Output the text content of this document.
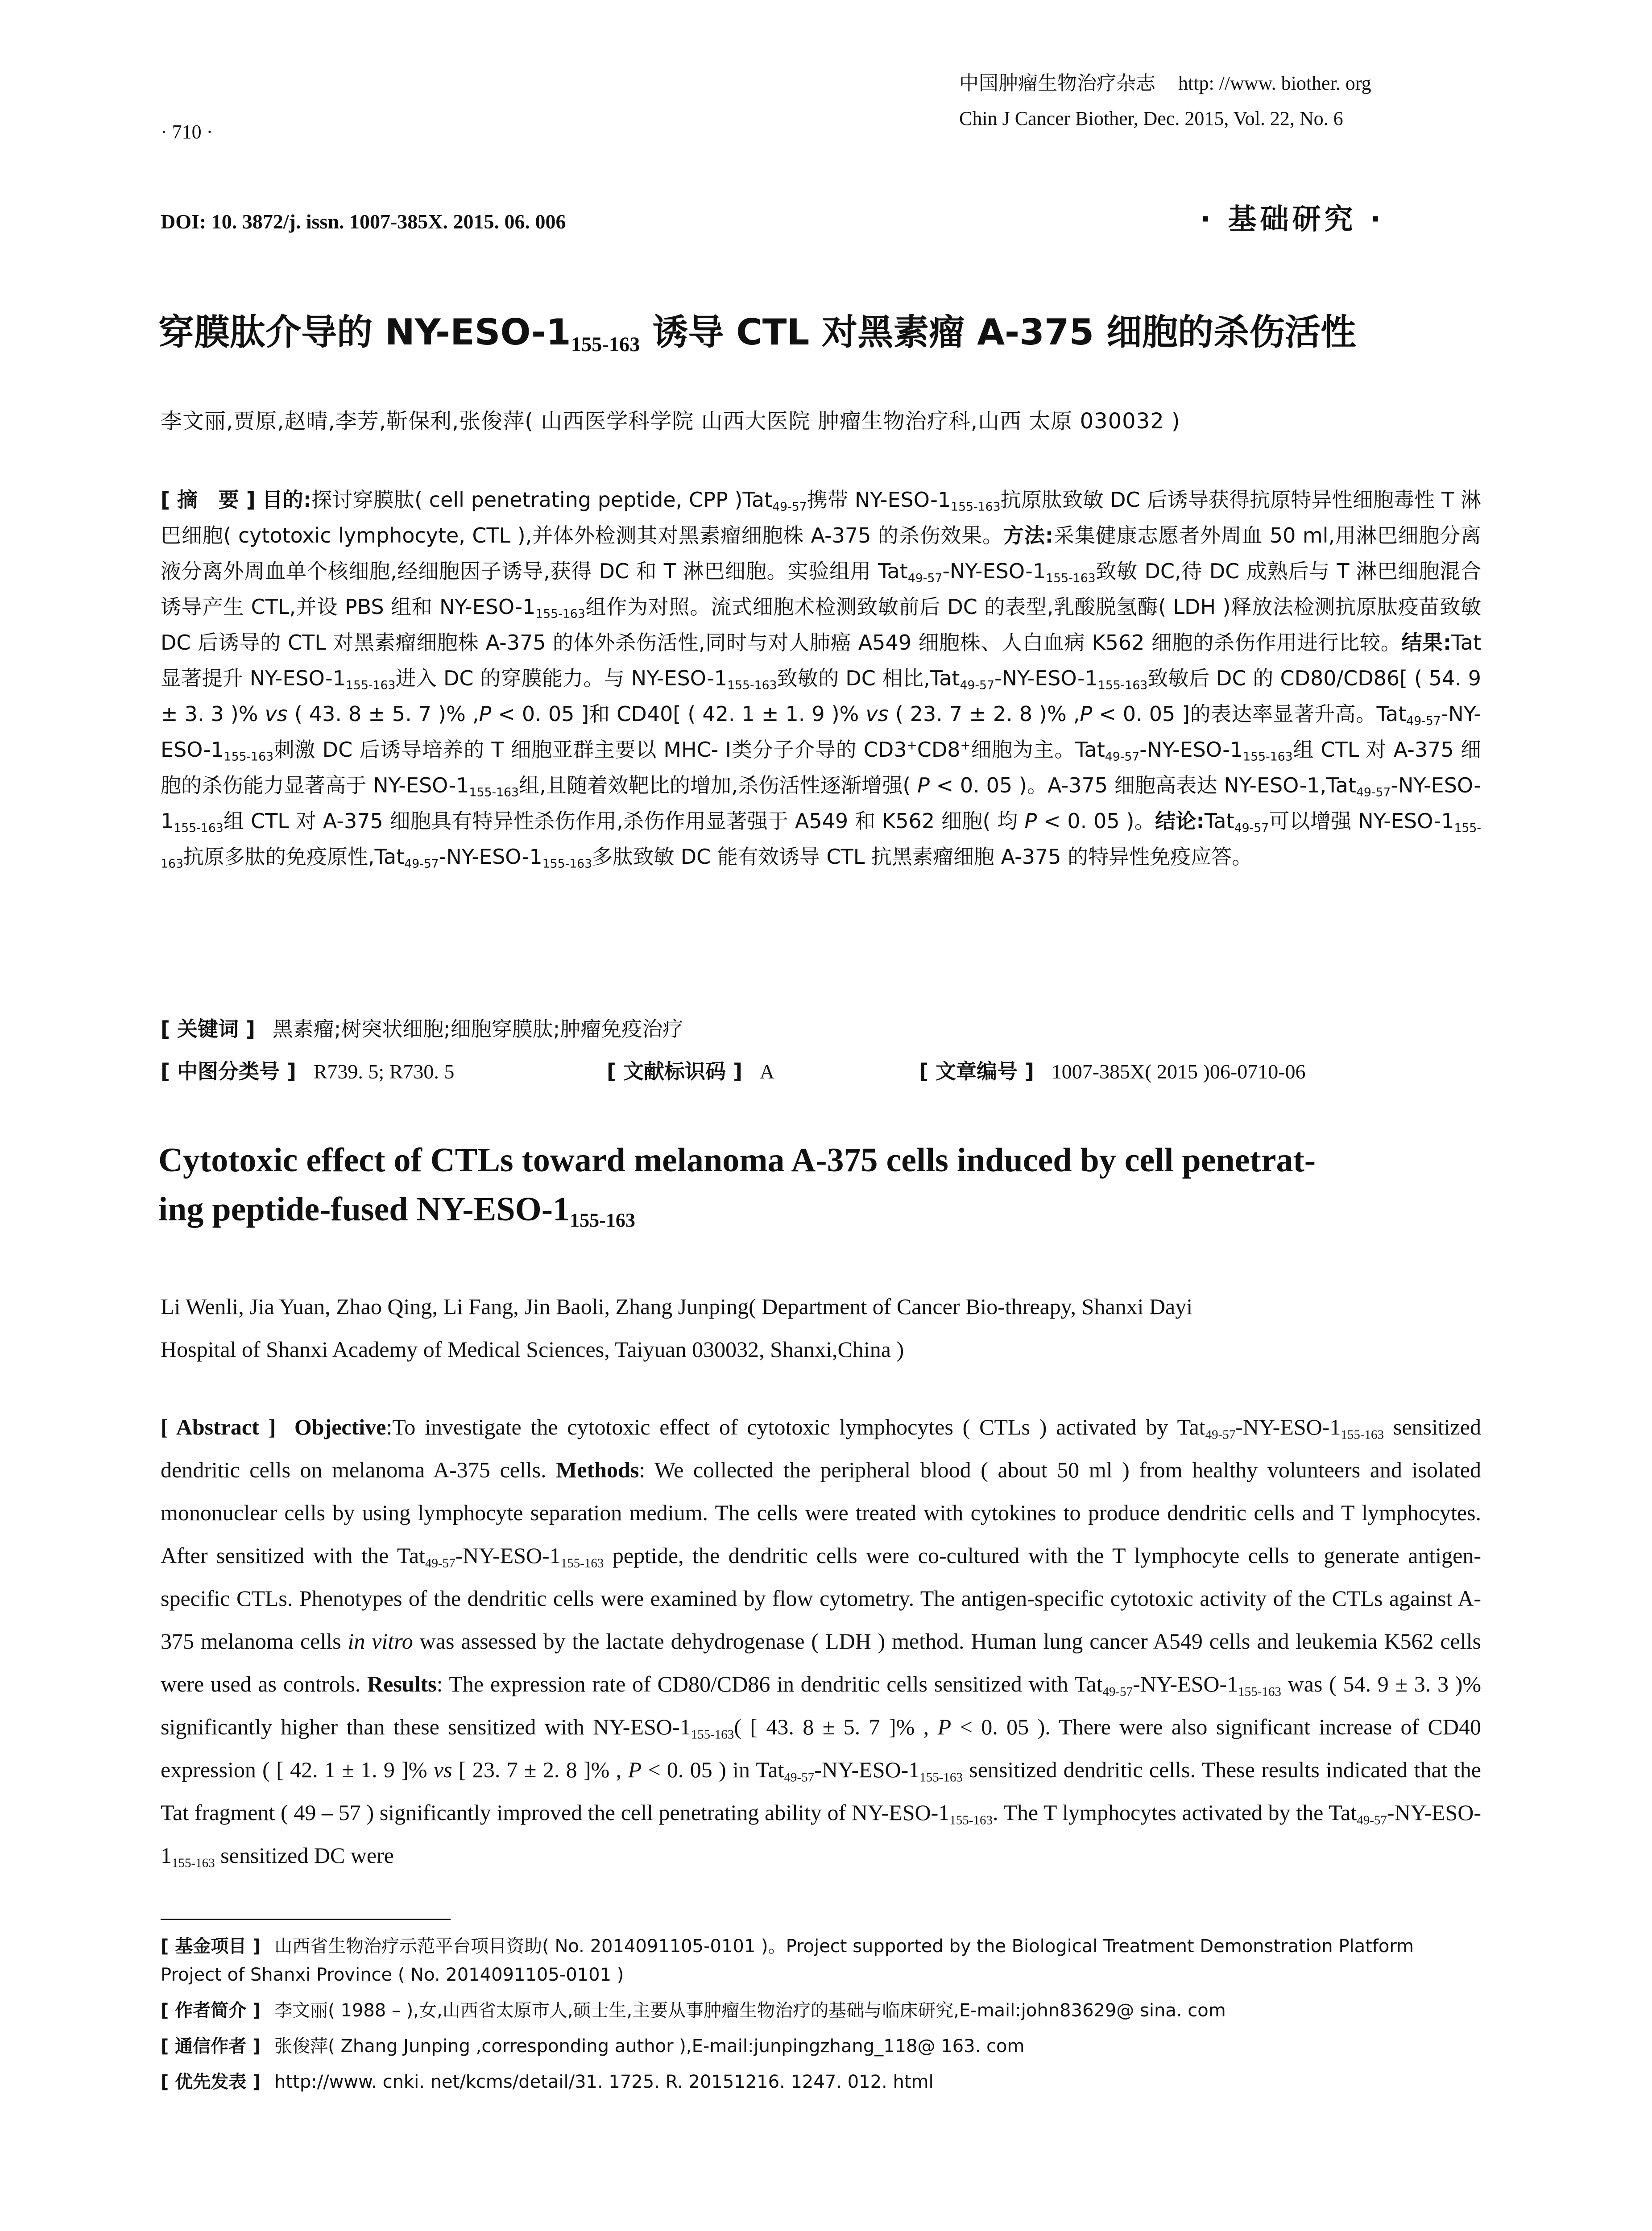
· 710 ·
中国肿瘤生物治疗杂志 http: //www. biother. org
Chin J Cancer Biother, Dec. 2015, Vol. 22, No. 6
DOI: 10. 3872/j. issn. 1007-385X. 2015. 06. 006	· 基础研究 ·
穿膜肽介导的 $NY-ESO-1_{155-163}$ 诱导 CTL 对黑素瘤 A-375 细胞的杀伤活性
李文丽,贾原,赵晴,李芳,靳保利,张俊萍( 山西医学科学院 山西大医院 肿瘤生物治疗科,山西 太原 030032 )
[ 摘　要 ] 目的:探讨穿膜肽( cell penetrating peptide, CPP )Tat$_{49-57}$携带 $NY-ESO-1_{155-163}$抗原肽致敏 DC 后诱导获得抗原特异性细胞毒性 T 淋巴细胞( cytotoxic lymphocyte, CTL ),并体外检测其对黑素瘤细胞株 A-375 的杀伤效果。方法:采集健康志愿者外周血 50 ml,用淋巴细胞分离液分离外周血单个核细胞,经细胞因子诱导,获得 DC 和 T 淋巴细胞。实验组用 $Tat_{49-57}-NY-ESO-1_{155-163}$致敏 DC,待 DC 成熟后与 T 淋巴细胞混合诱导产生 CTL,并设 PBS 组和 $NY-ESO-1_{155-163}$组作为对照。流式细胞术检测致敏前后 DC 的表型,乳酸脱氢酶( LDH )释放法检测抗原肽疫苗致敏 DC 后诱导的 CTL 对黑素瘤细胞株 A-375 的体外杀伤活性,同时与对人肺癌 A549 细胞株、人白血病 K562 细胞的杀伤作用进行比较。结果:Tat 显著提升 $NY-ESO-1_{155-163}$进入 DC 的穿膜能力。与 $NY-ESO-1_{155-163}$致敏的 DC 相比$,Tat_{49-57}-NY-ESO-1_{155-163}$致敏后 DC 的 CD80/CD86[ ( 54. 9 ± 3. 3 )% vs ( 43. 8 ± 5. 7 )% ,P < 0. 05 ]和 CD40[ ( 42. 1 ± 1. 9 )% vs ( 23. 7 ± 2. 8 )% ,P < 0. 05 ]的表达率显著升高。$Tat_{49-57}-NY-ESO-1_{155-163}$刺激 DC 后诱导培养的 T 细胞亚群主要以 MHC- Ⅰ类分子介导的 CD3+CD8+细胞为主。$Tat_{49-57}-NY-ESO-1_{155-163}$组 CTL 对 A-375 细胞的杀伤能力显著高于 $NY-ESO-1_{155-163}$组,且随着效靶比的增加,杀伤活性逐渐增强( P < 0. 05 )。A-375 细胞高表达 $NY-ESO-1,Tat_{49-57}-NY-ESO-1_{155-163}$组 CTL 对 A-375 细胞具有特异性杀伤作用,杀伤作用显著强于 A549 和 K562 细胞( 均 P < 0. 05 )。结论:Tat$_{49-57}$可以增强 $NY-ESO-1_{155-163}$抗原多肽的免疫原性$,Tat_{49-57}-NY-ESO-1_{155-163}$多肽致敏 DC 能有效诱导 CTL 抗黑素瘤细胞 A-375 的特异性免疫应答。
[ 关键词 ] 黑素瘤;树突状细胞;细胞穿膜肽;肿瘤免疫治疗
[ 中图分类号 ] R739. 5; R730. 5	[ 文献标识码 ] A	[ 文章编号 ] 1007-385X( 2015 )06-0710-06
Cytotoxic effect of CTLs toward melanoma A-375 cells induced by cell penetrat-
ing peptide-fused $NY-ESO-1_{155-163}$
Li Wenli, Jia Yuan, Zhao Qing, Li Fang, Jin Baoli, Zhang Junping( Department of Cancer Bio-threapy, Shanxi Dayi
Hospital of Shanxi Academy of Medical Sciences, Taiyuan 030032, Shanxi,China )
[ Abstract ] Objective:To investigate the cytotoxic effect of cytotoxic lymphocytes ( CTLs ) activated by $Tat_{49-57}-NY-ESO-1_{155-163}$ sensitized dendritic cells on melanoma A-375 cells. Methods: We collected the peripheral blood ( about 50 ml ) from healthy volunteers and isolated mononuclear cells by using lymphocyte separation medium. The cells were treated with cytokines to produce dendritic cells and T lymphocytes. After sensitized with the $Tat_{49-57}-NY-ESO-1_{155-163}$ peptide, the dendritic cells were co-cultured with the T lymphocyte cells to generate antigen-specific CTLs. Phenotypes of the dendritic cells were examined by flow cytometry. The antigen-specific cytotoxic activity of the CTLs against A-375 melanoma cells in vitro was assessed by the lactate dehydrogenase ( LDH ) method. Human lung cancer A549 cells and leukemia K562 cells were used as controls. Results: The expression rate of CD80/CD86 in dendritic cells sensitized with $Tat_{49-57}-NY-ESO-1_{155-163}$ was ( 54. 9 ± 3. 3 )% significantly higher than these sensitized with $NY-ESO-1_{155-163}$( [ 43. 8 ± 5. 7 ]% , P < 0. 05 ). There were also significant increase of CD40 expression ( [ 42. 1 ± 1. 9 ]% vs [ 23. 7 ± 2. 8 ]% , P < 0. 05 ) in $Tat_{49-57}-NY-ESO-1_{155-163}$ sensitized dendritic cells. These results indicated that the Tat fragment ( 49 – 57 ) significantly improved the cell penetrating ability of $NY-ESO-1_{155-163}$. The T lymphocytes activated by the $Tat_{49-57}-NY-ESO-1_{155-163}$ sensitized DC were
[ 基金项目 ] 山西省生物治疗示范平台项目资助( No. 2014091105-0101 )。Project supported by the Biological Treatment Demonstration Platform
Project of Shanxi Province ( No. 2014091105-0101 )
[ 作者简介 ] 李文丽( 1988 – ),女,山西省太原市人,硕士生,主要从事肿瘤生物治疗的基础与临床研究,E-mail:john83629@ sina. com
[ 通信作者 ] 张俊萍( Zhang Junping ,corresponding author ),E-mail:junpingzhang_118@ 163. com
[ 优先发表 ] http://www. cnki. net/kcms/detail/31. 1725. R. 20151216. 1247. 012. html
